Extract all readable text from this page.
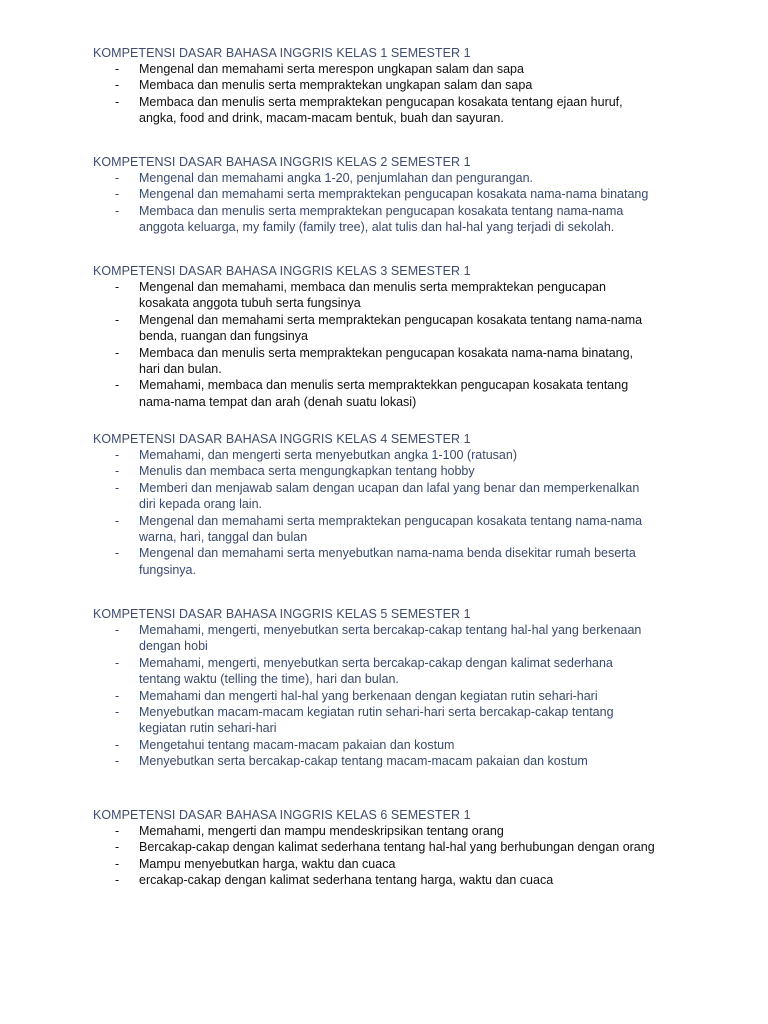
KOMPETENSI DASAR BAHASA INGGRIS KELAS 1 SEMESTER 1
- Mengenal dan memahami serta merespon ungkapan salam dan sapa
- Membaca dan menulis serta mempraktekan ungkapan salam dan sapa
- Membaca dan menulis serta mempraktekan pengucapan kosakata tentang ejaan huruf,
angka, food and drink, macam-macam bentuk, buah dan sayuran.
KOMPETENSI DASAR BAHASA INGGRIS KELAS 2 SEMESTER 1
- Mengenal dan memahami angka 1-20, penjumlahan dan pengurangan.
- Mengenal dan memahami serta mempraktekan pengucapan kosakata nama-nama binatang
- Membaca dan menulis serta mempraktekan pengucapan kosakata tentang nama-nama
anggota keluarga, my family (family tree), alat tulis dan hal-hal yang terjadi di sekolah.
KOMPETENSI DASAR BAHASA INGGRIS KELAS 3 SEMESTER 1
- Mengenal dan memahami, membaca dan menulis serta mempraktekan pengucapan
kosakata anggota tubuh serta fungsinya
- Mengenal dan memahami serta mempraktekan pengucapan kosakata tentang nama-nama
benda, ruangan dan fungsinya
- Membaca dan menulis serta mempraktekan pengucapan kosakata nama-nama binatang,
hari dan bulan.
- Memahami, membaca dan menulis serta mempraktekkan pengucapan kosakata tentang
nama-nama tempat dan arah (denah suatu lokasi)
KOMPETENSI DASAR BAHASA INGGRIS KELAS 4 SEMESTER 1
- Memahami, dan mengerti serta menyebutkan angka 1-100 (ratusan)
- Menulis dan membaca serta mengungkapkan tentang hobby
- Memberi dan menjawab salam dengan ucapan dan lafal yang benar dan memperkenalkan
diri kepada orang lain.
- Mengenal dan memahami serta mempraktekan pengucapan kosakata tentang nama-nama
warna, hari, tanggal dan bulan
- Mengenal dan memahami serta menyebutkan nama-nama benda disekitar rumah beserta
fungsinya.
KOMPETENSI DASAR BAHASA INGGRIS KELAS 5 SEMESTER 1
- Memahami, mengerti, menyebutkan serta bercakap-cakap tentang hal-hal yang berkenaan
dengan hobi
- Memahami, mengerti, menyebutkan serta bercakap-cakap dengan kalimat sederhana
tentang waktu (telling the time), hari dan bulan.
- Memahami dan mengerti hal-hal yang berkenaan dengan kegiatan rutin sehari-hari
- Menyebutkan macam-macam kegiatan rutin sehari-hari serta bercakap-cakap tentang
kegiatan rutin sehari-hari
- Mengetahui tentang macam-macam pakaian dan kostum
- Menyebutkan serta bercakap-cakap tentang macam-macam pakaian dan kostum
KOMPETENSI DASAR BAHASA INGGRIS KELAS 6 SEMESTER 1
- Memahami, mengerti dan mampu mendeskripsikan tentang orang
- Bercakap-cakap dengan kalimat sederhana tentang hal-hal yang berhubungan dengan orang
- Mampu menyebutkan harga, waktu dan cuaca
- ercakap-cakap dengan kalimat sederhana tentang harga, waktu dan cuaca
